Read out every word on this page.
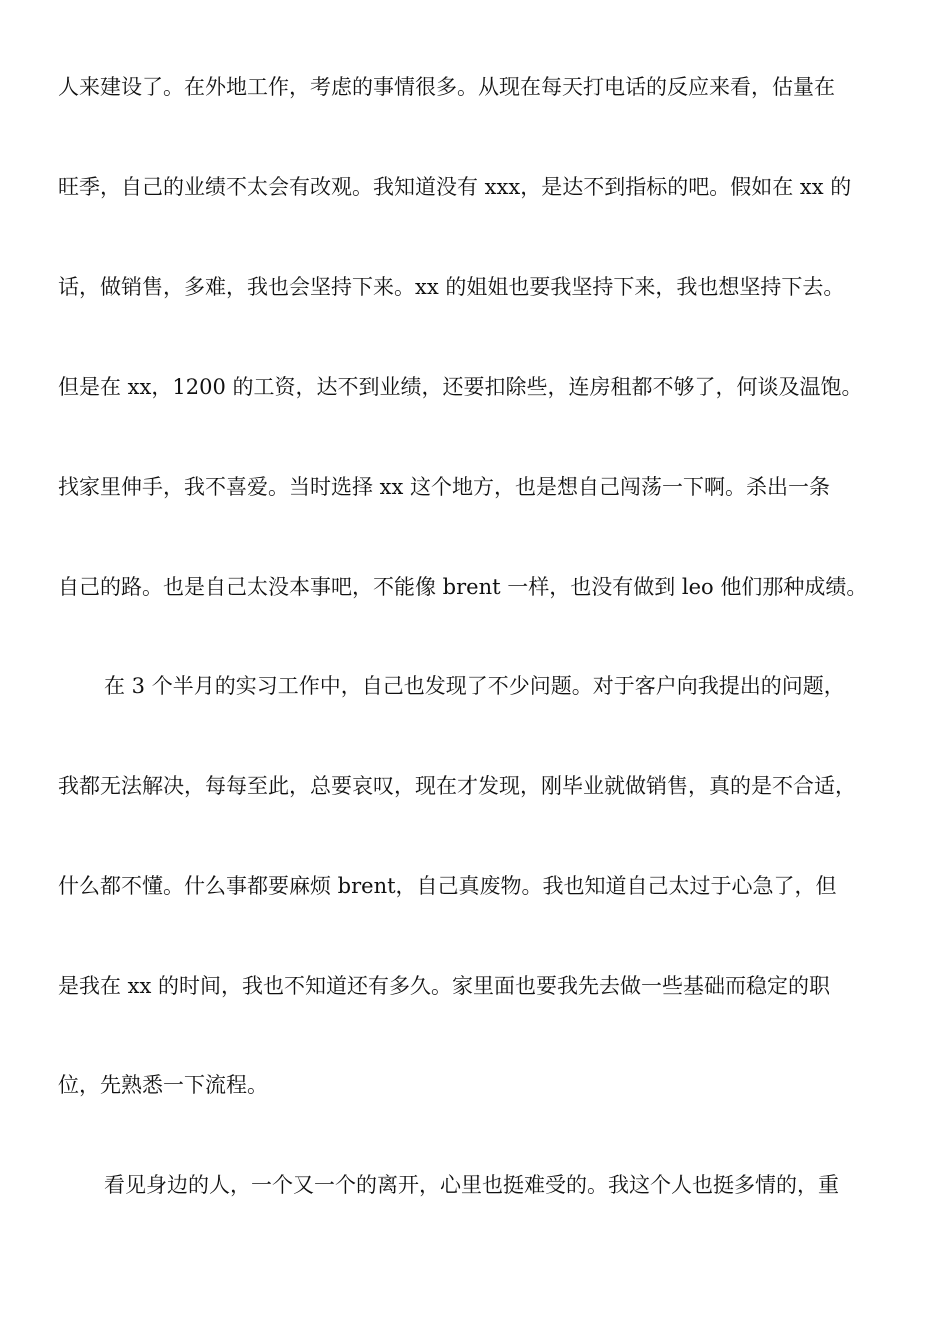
人来建设了。在外地工作，考虑的事情很多。从现在每天打电话的反应来看，估量在
旺季，自己的业绩不太会有改观。我知道没有 xxx，是达不到指标的吧。假如在 xx 的
话，做销售，多难，我也会坚持下来。xx 的姐姐也要我坚持下来，我也想坚持下去。
但是在 xx，1200 的工资，达不到业绩，还要扣除些，连房租都不够了，何谈及温饱。
找家里伸手，我不喜爱。当时选择 xx 这个地方，也是想自己闯荡一下啊。杀出一条
自己的路。也是自己太没本事吧，不能像 brent 一样，也没有做到 leo 他们那种成绩。
在 3 个半月的实习工作中，自己也发现了不少问题。对于客户向我提出的问题，
我都无法解决，每每至此，总要哀叹，现在才发现，刚毕业就做销售，真的是不合适，
什么都不懂。什么事都要麻烦 brent，自己真废物。我也知道自己太过于心急了，但
是我在 xx 的时间，我也不知道还有多久。家里面也要我先去做一些基础而稳定的职
位，先熟悉一下流程。
看见身边的人，一个又一个的离开，心里也挺难受的。我这个人也挺多情的，重
